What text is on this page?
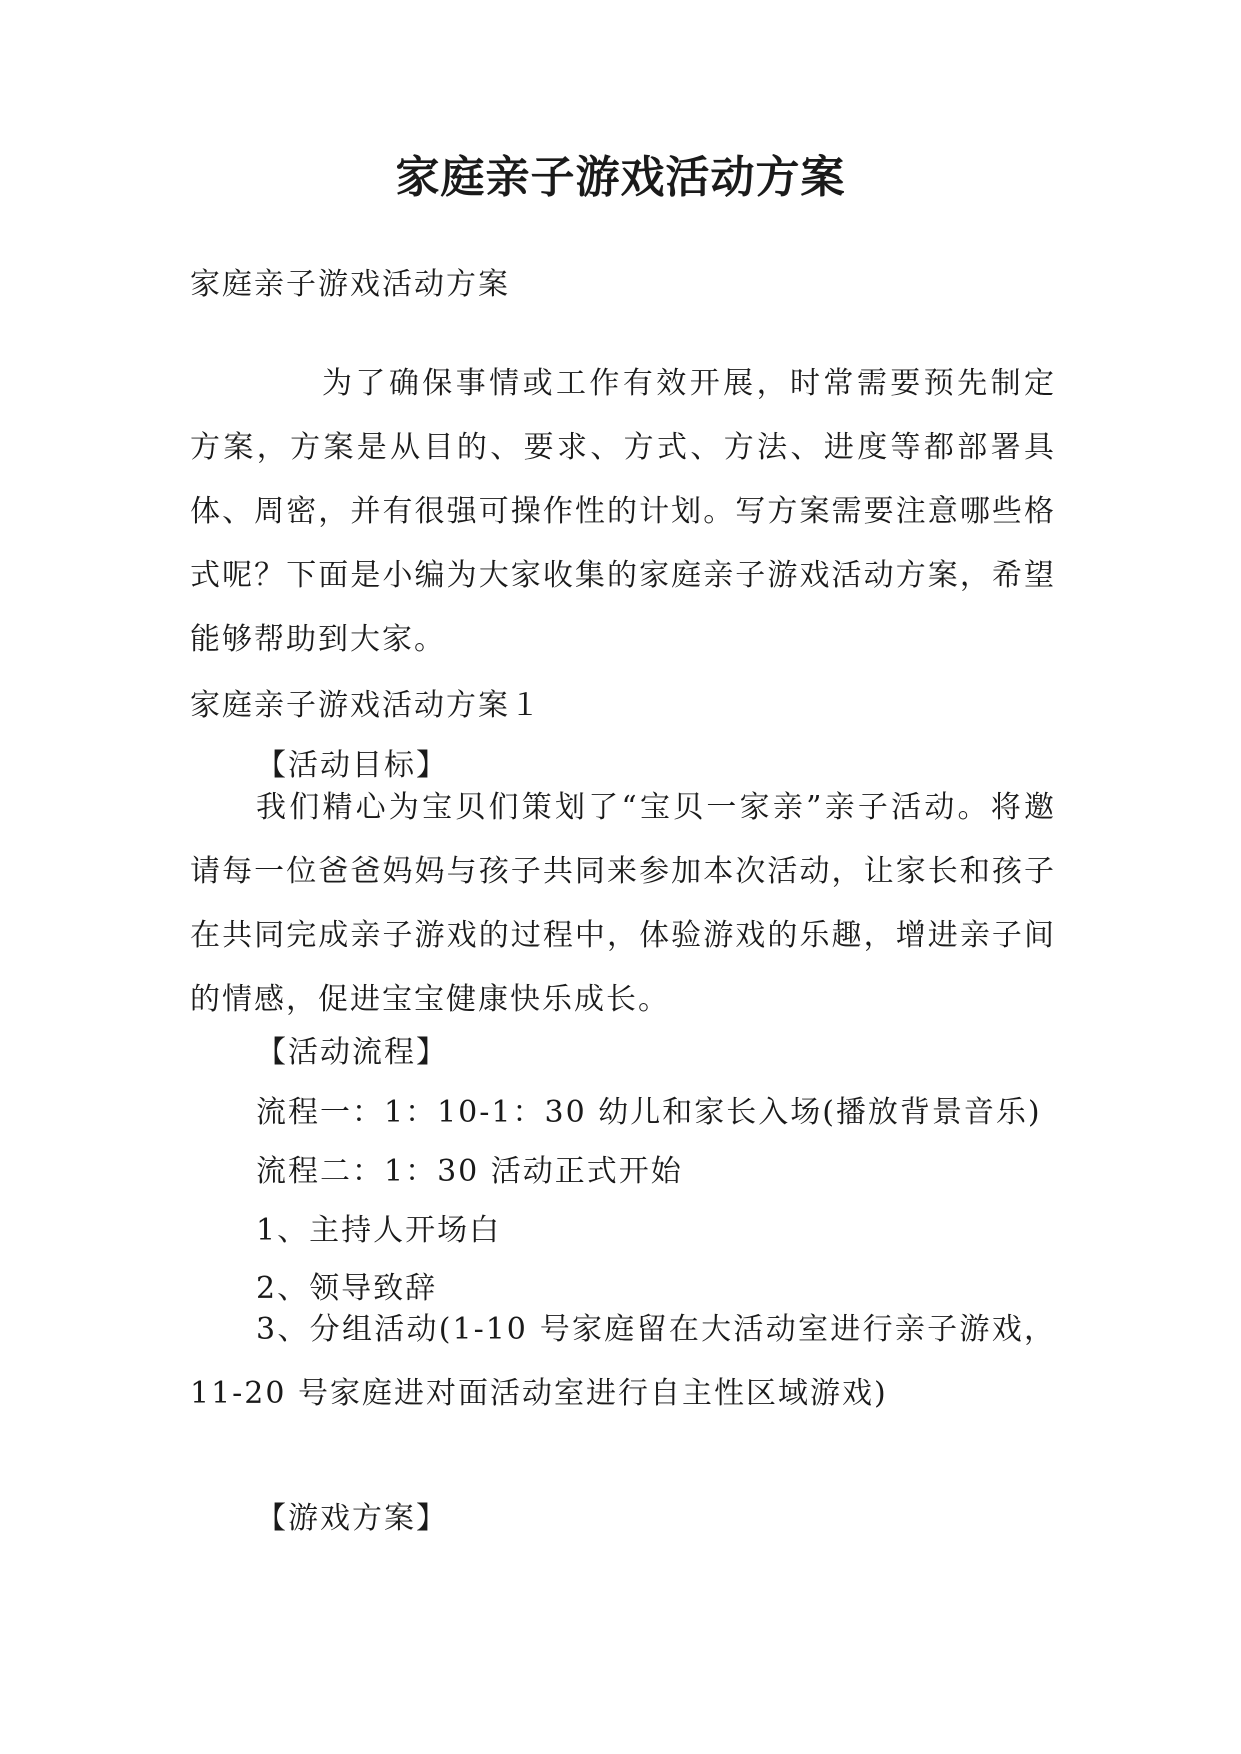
家庭亲子游戏活动方案
家庭亲子游戏活动方案
为了确保事情或工作有效开展，时常需要预先制定方案，方案是从目的、要求、方式、方法、进度等都部署具体、周密，并有很强可操作性的计划。写方案需要注意哪些格式呢？下面是小编为大家收集的家庭亲子游戏活动方案，希望能够帮助到大家。
家庭亲子游戏活动方案１
【活动目标】
我们精心为宝贝们策划了“宝贝一家亲”亲子活动。将邀请每一位爸爸妈妈与孩子共同来参加本次活动，让家长和孩子在共同完成亲子游戏的过程中，体验游戏的乐趣，增进亲子间的情感，促进宝宝健康快乐成长。
【活动流程】
流程一：1：10-1：30 幼儿和家长入场(播放背景音乐)
流程二：1：30 活动正式开始
1、主持人开场白
2、领导致辞
3、分组活动(1-10 号家庭留在大活动室进行亲子游戏，11-20 号家庭进对面活动室进行自主性区域游戏)
【游戏方案】
